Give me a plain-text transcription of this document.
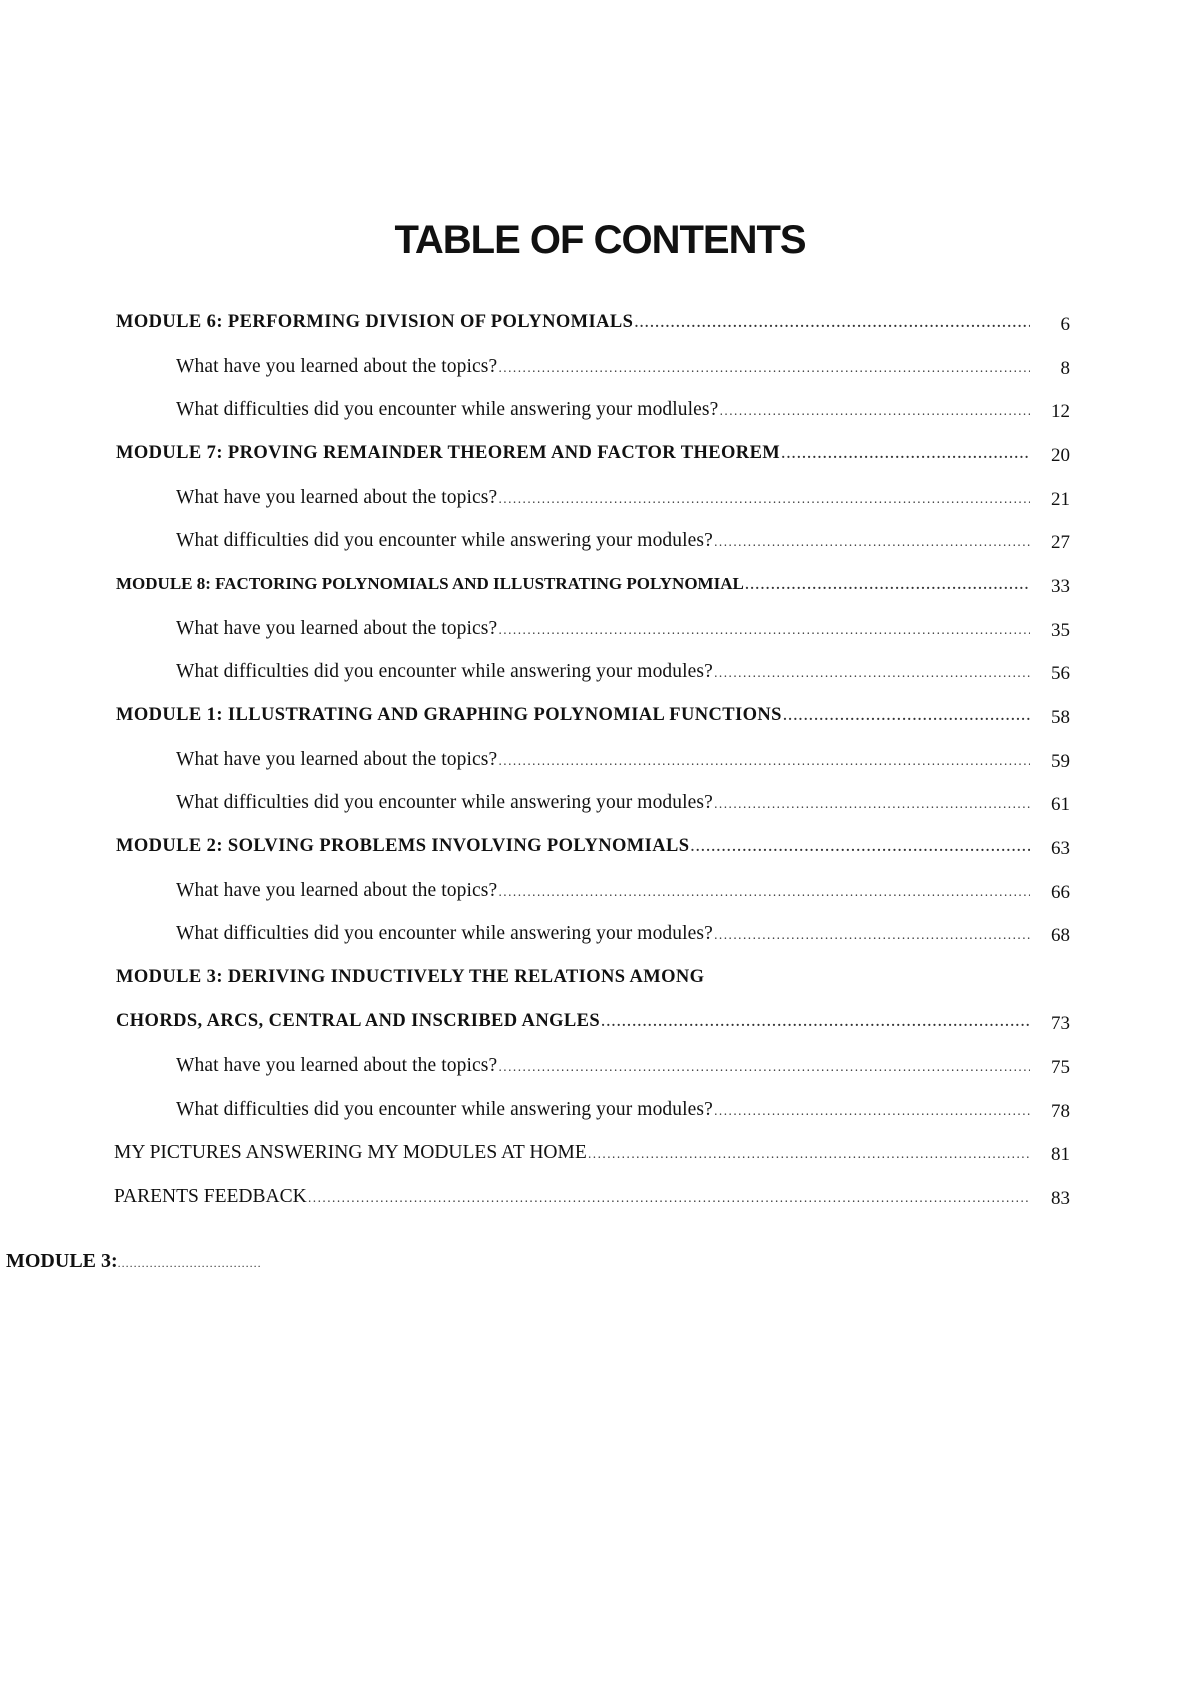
TABLE OF CONTENTS
MODULE 6: PERFORMING DIVISION OF POLYNOMIALS .....	6
What have you learned about the topics? .....	8
What difficulties did you encounter while answering your modlules? .....	12
MODULE 7: PROVING REMAINDER THEOREM AND FACTOR THEOREM .....	20
What have you learned about the topics? .....	21
What difficulties did you encounter while answering your modules? .....	27
MODULE 8: FACTORING POLYNOMIALS AND ILLUSTRATING POLYNOMIAL .....	33
What have you learned about the topics? .....	35
What difficulties did you encounter while answering your modules? .....	56
MODULE 1: ILLUSTRATING AND GRAPHING POLYNOMIAL FUNCTIONS .....	58
What have you learned about the topics? .....	59
What difficulties did you encounter while answering your modules? .....	61
MODULE 2: SOLVING PROBLEMS INVOLVING POLYNOMIALS .....	63
What have you learned about the topics? .....	66
What difficulties did you encounter while answering your modules? .....	68
MODULE 3: DERIVING INDUCTIVELY THE RELATIONS AMONG
CHORDS, ARCS, CENTRAL AND INSCRIBED ANGLES .....	73
What have you learned about the topics? .....	75
What difficulties did you encounter while answering your modules? .....	78
MY PICTURES ANSWERING MY MODULES AT HOME .....	81
PARENTS FEEDBACK .....	83
MODULE 3:....................................
